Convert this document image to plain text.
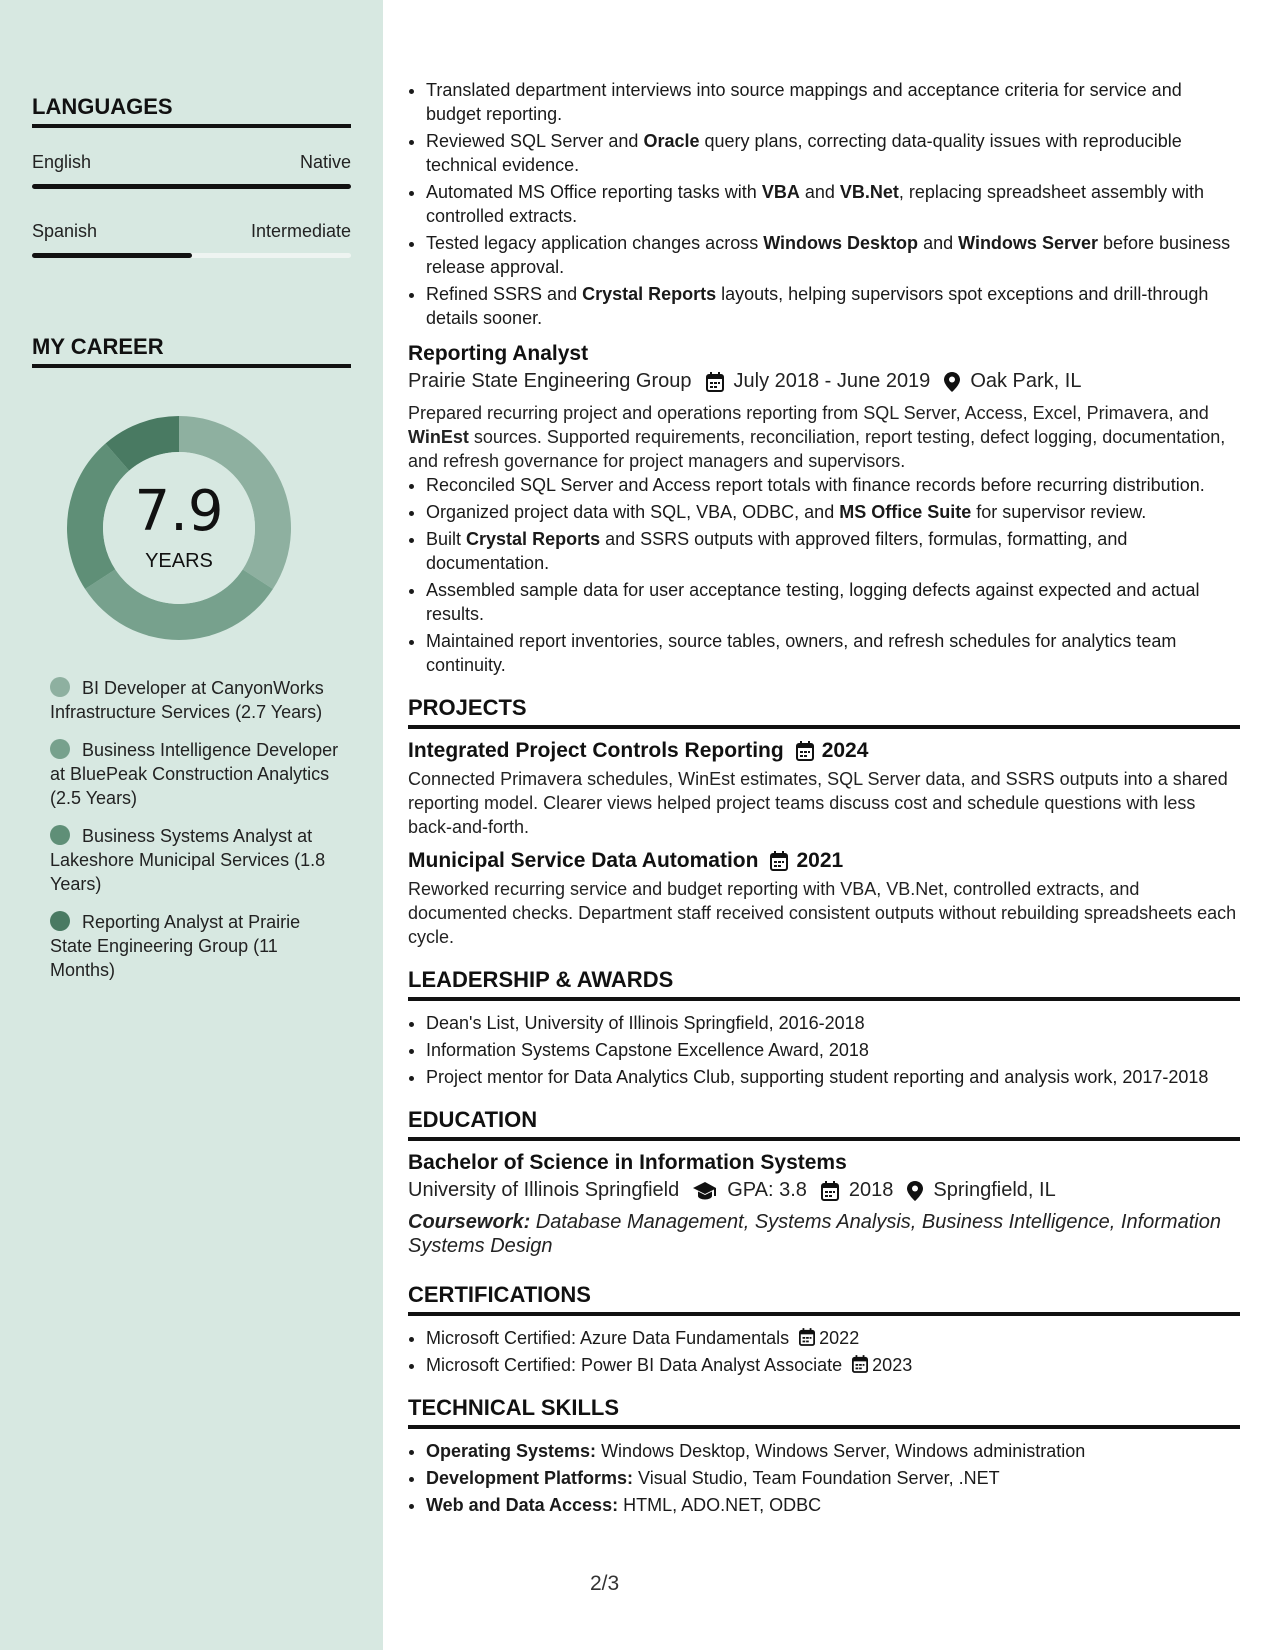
LANGUAGES
English	Native
Spanish	Intermediate
MY CAREER
7.9
YEARS
BI Developer at CanyonWorks Infrastructure Services (2.7 Years)
Business Intelligence Developer at BluePeak Construction Analytics (2.5 Years)
Business Systems Analyst at Lakeshore Municipal Services (1.8 Years)
Reporting Analyst at Prairie State Engineering Group (11 Months)
• Translated department interviews into source mappings and acceptance criteria for service and budget reporting.
• Reviewed SQL Server and Oracle query plans, correcting data-quality issues with reproducible technical evidence.
• Automated MS Office reporting tasks with VBA and VB.Net, replacing spreadsheet assembly with controlled extracts.
• Tested legacy application changes across Windows Desktop and Windows Server before business release approval.
• Refined SSRS and Crystal Reports layouts, helping supervisors spot exceptions and drill-through details sooner.
Reporting Analyst
Prairie State Engineering Group July 2018 - June 2019 Oak Park, IL
Prepared recurring project and operations reporting from SQL Server, Access, Excel, Primavera, and WinEst sources. Supported requirements, reconciliation, report testing, defect logging, documentation, and refresh governance for project managers and supervisors.
• Reconciled SQL Server and Access report totals with finance records before recurring distribution.
• Organized project data with SQL, VBA, ODBC, and MS Office Suite for supervisor review.
• Built Crystal Reports and SSRS outputs with approved filters, formulas, formatting, and documentation.
• Assembled sample data for user acceptance testing, logging defects against expected and actual results.
• Maintained report inventories, source tables, owners, and refresh schedules for analytics team continuity.
PROJECTS
Integrated Project Controls Reporting 2024
Connected Primavera schedules, WinEst estimates, SQL Server data, and SSRS outputs into a shared reporting model. Clearer views helped project teams discuss cost and schedule questions with less back-and-forth.
Municipal Service Data Automation 2021
Reworked recurring service and budget reporting with VBA, VB.Net, controlled extracts, and documented checks. Department staff received consistent outputs without rebuilding spreadsheets each cycle.
LEADERSHIP & AWARDS
• Dean's List, University of Illinois Springfield, 2016-2018
• Information Systems Capstone Excellence Award, 2018
• Project mentor for Data Analytics Club, supporting student reporting and analysis work, 2017-2018
EDUCATION
Bachelor of Science in Information Systems
University of Illinois Springfield GPA: 3.8 2018 Springfield, IL
Coursework: Database Management, Systems Analysis, Business Intelligence, Information Systems Design
CERTIFICATIONS
• Microsoft Certified: Azure Data Fundamentals 2022
• Microsoft Certified: Power BI Data Analyst Associate 2023
TECHNICAL SKILLS
• Operating Systems: Windows Desktop, Windows Server, Windows administration
• Development Platforms: Visual Studio, Team Foundation Server, .NET
• Web and Data Access: HTML, ADO.NET, ODBC
2/3
